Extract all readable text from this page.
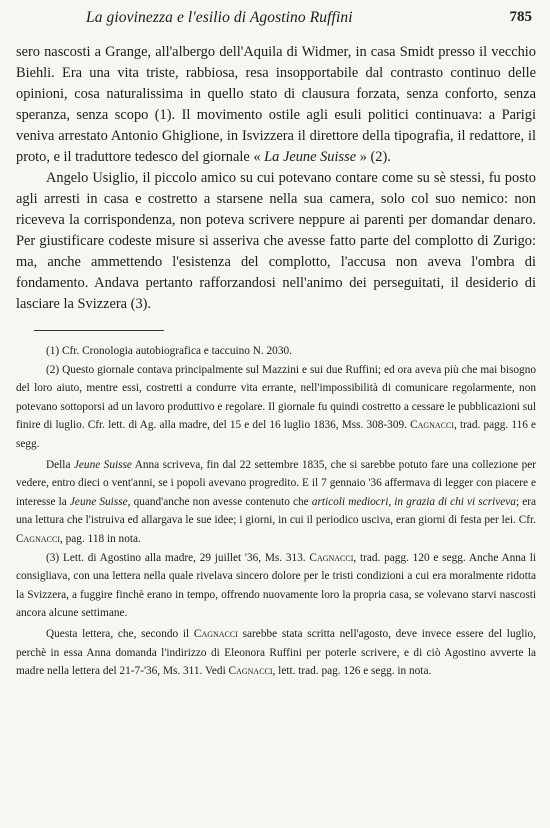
La giovinezza e l'esilio di Agostino Ruffini	785

sero nascosti a Grange, all'albergo dell'Aquila di Widmer, in casa Smidt presso il vecchio Biehli. Era una vita triste, rabbiosa, resa insopportabile dal contrasto continuo delle opinioni, cosa naturalissima in quello stato di clausura forzata, senza conforto, senza speranza, senza scopo (1). Il movimento ostile agli esuli politici continuava: a Parigi veniva arrestato Antonio Ghiglione, in Isvizzera il direttore della tipografia, il redattore, il proto, e il traduttore tedesco del giornale « La Jeune Suisse » (2).

Angelo Usiglio, il piccolo amico su cui potevano contare come su sè stessi, fu posto agli arresti in casa e costretto a starsene nella sua camera, solo col suo nemico: non riceveva la corrispondenza, non poteva scrivere neppure ai parenti per domandar denaro. Per giustificare codeste misure si asseriva che avesse fatto parte del complotto di Zurigo: ma, anche ammettendo l'esistenza del complotto, l'accusa non aveva l'ombra di fondamento. Andava pertanto rafforzandosi nell'animo dei perseguitati, il desiderio di lasciare la Svizzera (3).

(1) Cfr. Cronologia autobiografica e taccuino N. 2030.

(2) Questo giornale contava principalmente sul Mazzini e sui due Ruffini; ed ora aveva più che mai bisogno del loro aiuto, mentre essi, costretti a condurre vita errante, nell'impossibilità di comunicare regolarmente, non potevano sottoporsi ad un lavoro produttivo e regolare. Il giornale fu quindi costretto a cessare le pubblicazioni sul finire di luglio. Cfr. lett. di Ag. alla madre, del 15 e del 16 luglio 1836, Mss. 308-309. Cagnacci, trad. pagg. 116 e segg.

Della Jeune Suisse Anna scriveva, fin dal 22 settembre 1835, che si sarebbe potuto fare una collezione per vedere, entro dieci o vent'anni, se i popoli avevano progredito. E il 7 gennaio '36 affermava di legger con piacere e interesse la Jeune Suisse, quand'anche non avesse contenuto che articoli mediocri, in grazia di chi vi scriveva; era una lettura che l'istruiva ed allargava le sue idee; i giorni, in cui il periodico usciva, eran giorni di festa per lei. Cfr. Cagnacci, pag. 118 in nota.

(3) Lett. di Agostino alla madre, 29 juillet '36, Ms. 313. Cagnacci, trad. pagg. 120 e segg. Anche Anna li consigliava, con una lettera nella quale rivelava sincero dolore per le tristi condizioni a cui era moralmente ridotta la Svizzera, a fuggire finchè erano in tempo, offrendo nuovamente loro la propria casa, se volevano starvi nascosti ancora alcune settimane.

Questa lettera, che, secondo il Cagnacci sarebbe stata scritta nell'agosto, deve invece essere del luglio, perchè in essa Anna domanda l'indirizzo di Eleonora Ruffini per poterle scrivere, e di ciò Agostino avverte la madre nella lettera del 21-7-'36, Ms. 311. Vedi Cagnacci, lett. trad. pag. 126 e segg. in nota.
